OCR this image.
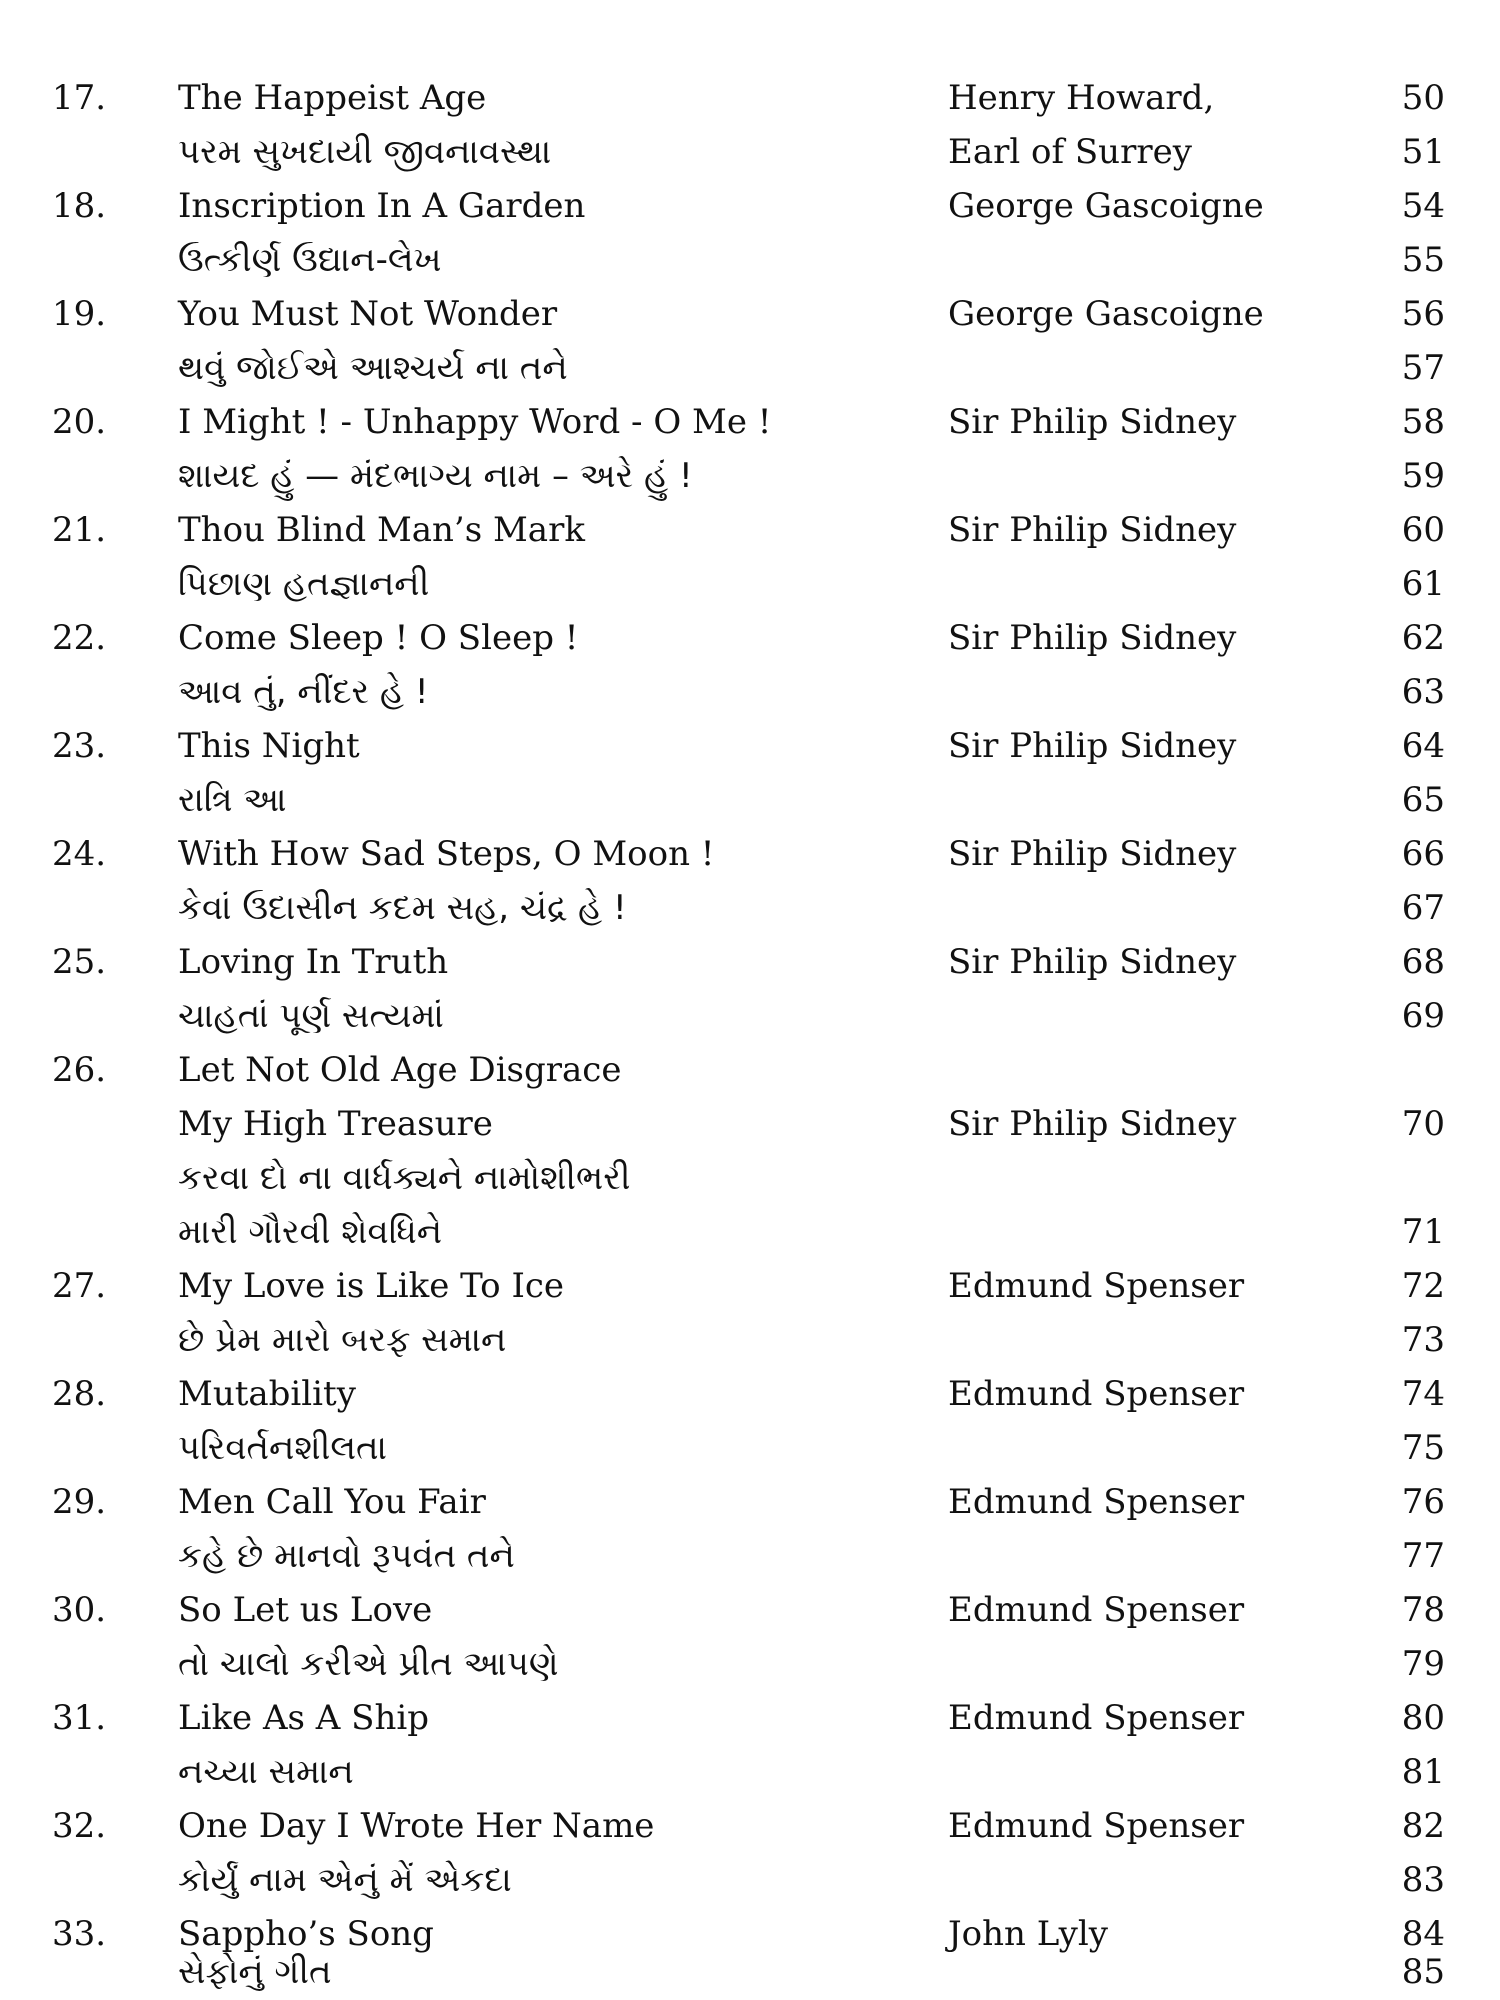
17.	The Happeist Age	Henry Howard,	50
પરમ સુખદાયી જીવનાવસ્થા	Earl of Surrey	51
18.	Inscription In A Garden	George Gascoigne	54
ઉત્કીર્ણ ઉદ્યાન-લેખ	55
19.	You Must Not Wonder	George Gascoigne	56
થવું જોઈએ આશ્ચર્ય ના તને	57
20.	I Might ! - Unhappy Word - O Me !	Sir Philip Sidney	58
શાયદ હું — મંદભાગ્ય નામ – અરે હું !	59
21.	Thou Blind Man’s Mark	Sir Philip Sidney	60
પિછાણ હતજ્ઞાનની	61
22.	Come Sleep ! O Sleep !	Sir Philip Sidney	62
આવ તું, નીંદર હે !	63
23.	This Night	Sir Philip Sidney	64
રાત્રિ આ	65
24.	With How Sad Steps, O Moon !	Sir Philip Sidney	66
કેવાં ઉદાસીન કદમ સહ, ચંદ્ર હે !	67
25.	Loving In Truth	Sir Philip Sidney	68
ચાહતાં પૂર્ણ સત્યમાં	69
26.	Let Not Old Age Disgrace
My High Treasure	Sir Philip Sidney	70
કરવા દો ના વાર્ધક્યને નામોશીભરી
મારી ગૌરવી શેવધિને	71
27.	My Love is Like To Ice	Edmund Spenser	72
છે પ્રેમ મારો બરફ સમાન	73
28.	Mutability	Edmund Spenser	74
પરિવર્તનશીલતા	75
29.	Men Call You Fair	Edmund Spenser	76
કહે છે માનવો રૂપવંત તને	77
30.	So Let us Love	Edmund Spenser	78
તો ચાલો કરીએ પ્રીત આપણે	79
31.	Like As A Ship	Edmund Spenser	80
નચ્યા સમાન	81
32.	One Day I Wrote Her Name	Edmund Spenser	82
કોર્યું નામ એનું મેં એકદા	83
33.	Sappho’s Song	John Lyly	84
સેફોનું ગીત	85
